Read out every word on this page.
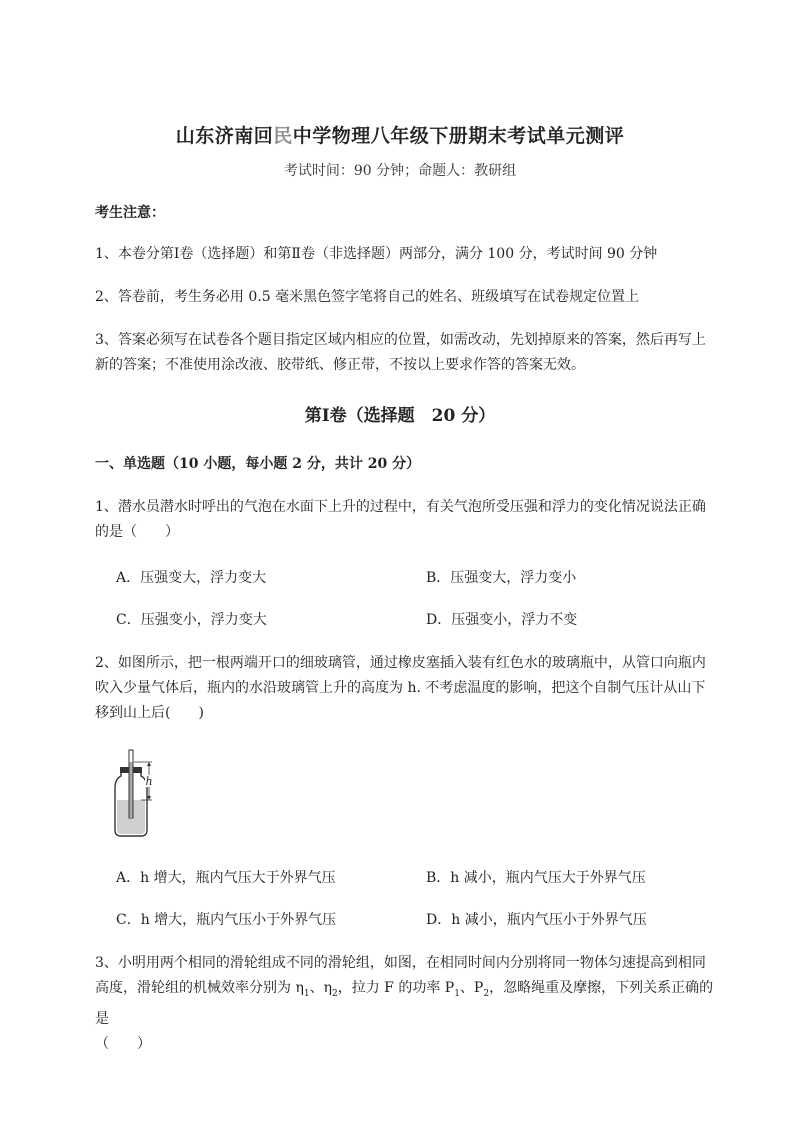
山东济南回民中学物理八年级下册期末考试单元测评
考试时间：90 分钟；命题人：教研组

考生注意：

1、本卷分第Ⅰ卷（选择题）和第Ⅱ卷（非选择题）两部分，满分 100 分，考试时间 90 分钟

2、答卷前，考生务必用 0.5 毫米黑色签字笔将自己的姓名、班级填写在试卷规定位置上

3、答案必须写在试卷各个题目指定区域内相应的位置，如需改动，先划掉原来的答案，然后再写上新的答案；不准使用涂改液、胶带纸、修正带，不按以上要求作答的答案无效。

第Ⅰ卷（选择题　20 分）

一、单选题（10 小题，每小题 2 分，共计 20 分）

1、潜水员潜水时呼出的气泡在水面下上升的过程中，有关气泡所受压强和浮力的变化情况说法正确的是（　　）

A．压强变大，浮力变大	B．压强变大，浮力变小
C．压强变小，浮力变大	D．压强变小，浮力不变

2、如图所示，把一根两端开口的细玻璃管，通过橡皮塞插入装有红色水的玻璃瓶中，从管口向瓶内吹入少量气体后，瓶内的水沿玻璃管上升的高度为 h. 不考虑温度的影响，把这个自制气压计从山下移到山上后(　　)

h
A．h 增大，瓶内气压大于外界气压	B．h 减小，瓶内气压大于外界气压
C．h 增大，瓶内气压小于外界气压	D．h 减小，瓶内气压小于外界气压

3、小明用两个相同的滑轮组成不同的滑轮组，如图，在相同时间内分别将同一物体匀速提高到相同高度，滑轮组的机械效率分别为 $\eta_1$、$\eta_2$，拉力 F 的功率 $P_1$、$P_2$，忽略绳重及摩擦，下列关系正确的是
（　　）
